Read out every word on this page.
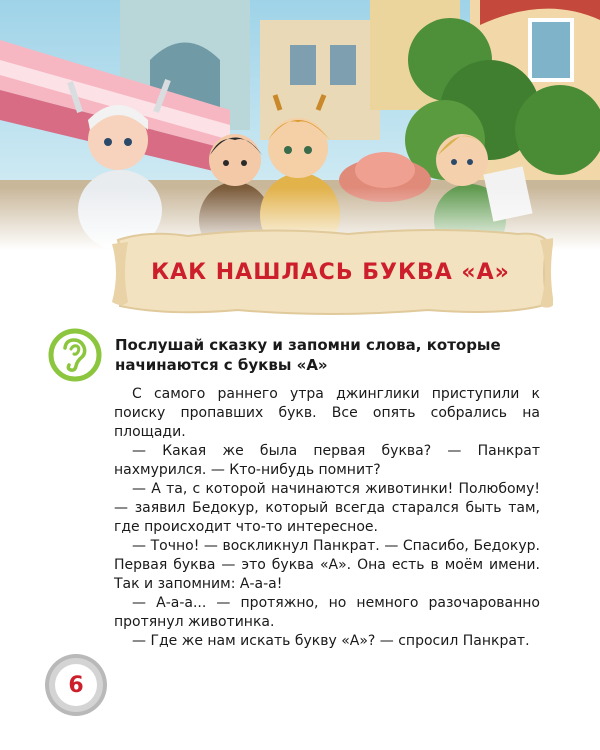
КАК НАШЛАСЬ БУКВА «А»
Послушай сказку и запомни слова, которые начинаются с буквы «А»

С самого раннего утра джинглики приступили к поиску пропавших букв. Все опять собрались на площади.

— Какая же была первая буква? — Панкрат нахмурился. — Кто-нибудь помнит?

— А та, с которой начинаются животинки! Полюбому! — заявил Бедокур, который всегда старался быть там, где происходит что-то интересное.

— Точно! — воскликнул Панкрат. — Спасибо, Бедокур. Первая буква — это буква «А». Она есть в моём имени. Так и запомним: А-а-а!

— А-а-а... — протяжно, но немного разочарованно протянул животинка.

— Где же нам искать букву «А»? — спросил Панкрат.

6
